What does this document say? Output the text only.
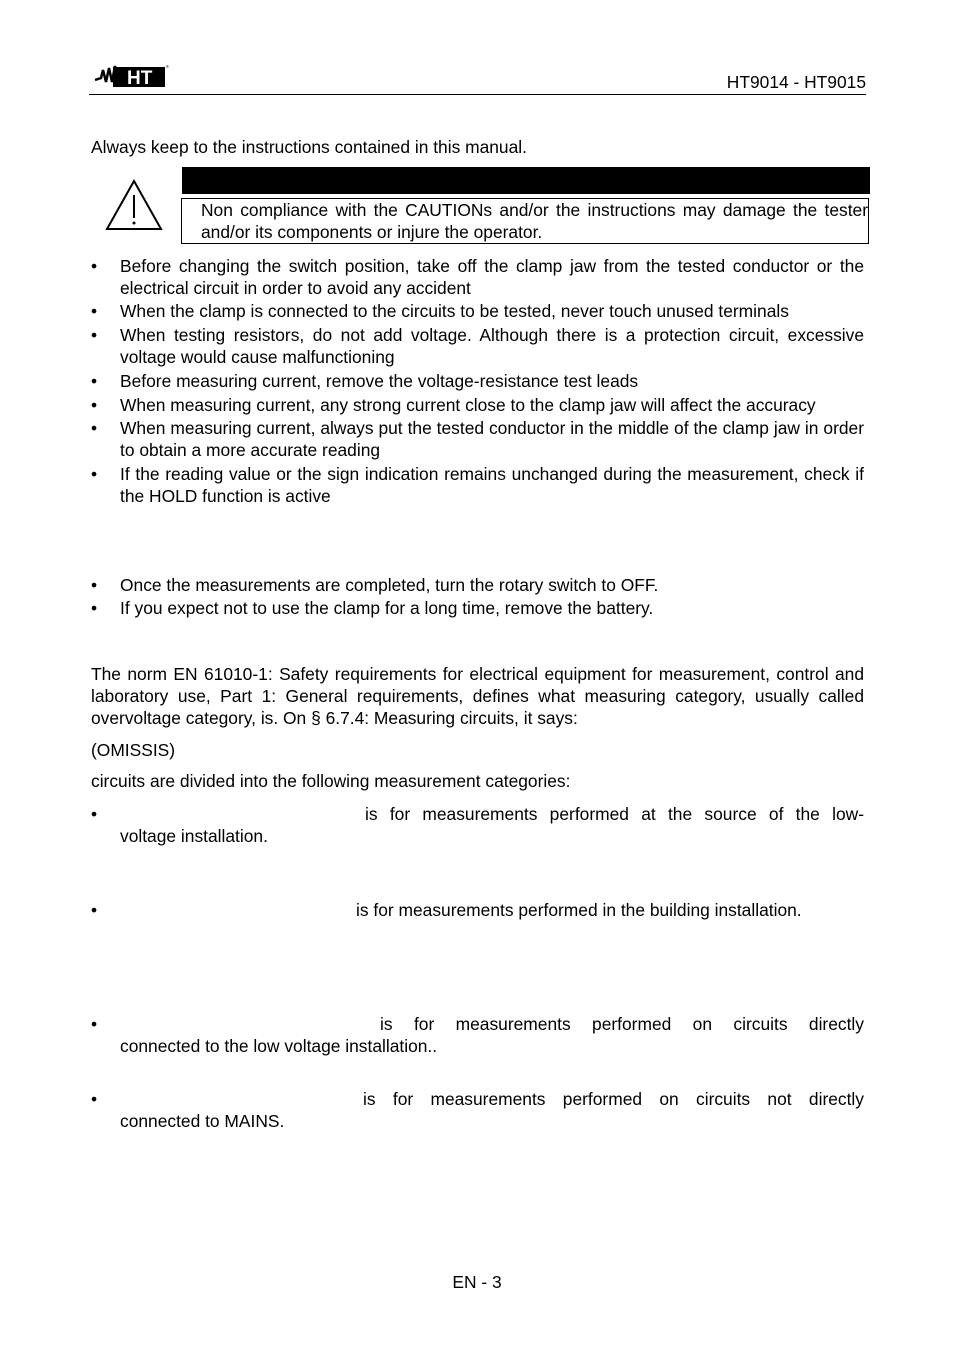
HT
®
HT9014 - HT9015
Always keep to the instructions contained in this manual.
Non compliance with the CAUTIONs and/or the instructions may damage the tester and/or its components or injure the operator.
• Before changing the switch position, take off the clamp jaw from the tested conductor or the electrical circuit in order to avoid any accident
• When the clamp is connected to the circuits to be tested, never touch unused terminals
• When testing resistors, do not add voltage. Although there is a protection circuit, excessive voltage would cause malfunctioning
• Before measuring current, remove the voltage-resistance test leads
• When measuring current, any strong current close to the clamp jaw will affect the accuracy
• When measuring current, always put the tested conductor in the middle of the clamp jaw in order to obtain a more accurate reading
• If the reading value or the sign indication remains unchanged during the measurement, check if the HOLD function is active
• Once the measurements are completed, turn the rotary switch to OFF.
• If you expect not to use the clamp for a long time, remove the battery.
The norm EN 61010-1: Safety requirements for electrical equipment for measurement, control and laboratory use, Part 1: General requirements, defines what measuring category, usually called overvoltage category, is. On § 6.7.4: Measuring circuits, it says:
(OMISSIS)
circuits are divided into the following measurement categories:
•	is for measurements performed at the source of the low-
voltage installation.
•	is for measurements performed in the building installation.
•	is for measurements performed on circuits directly
connected to the low voltage installation..
•	is for measurements performed on circuits not directly
connected to MAINS.
EN - 3
